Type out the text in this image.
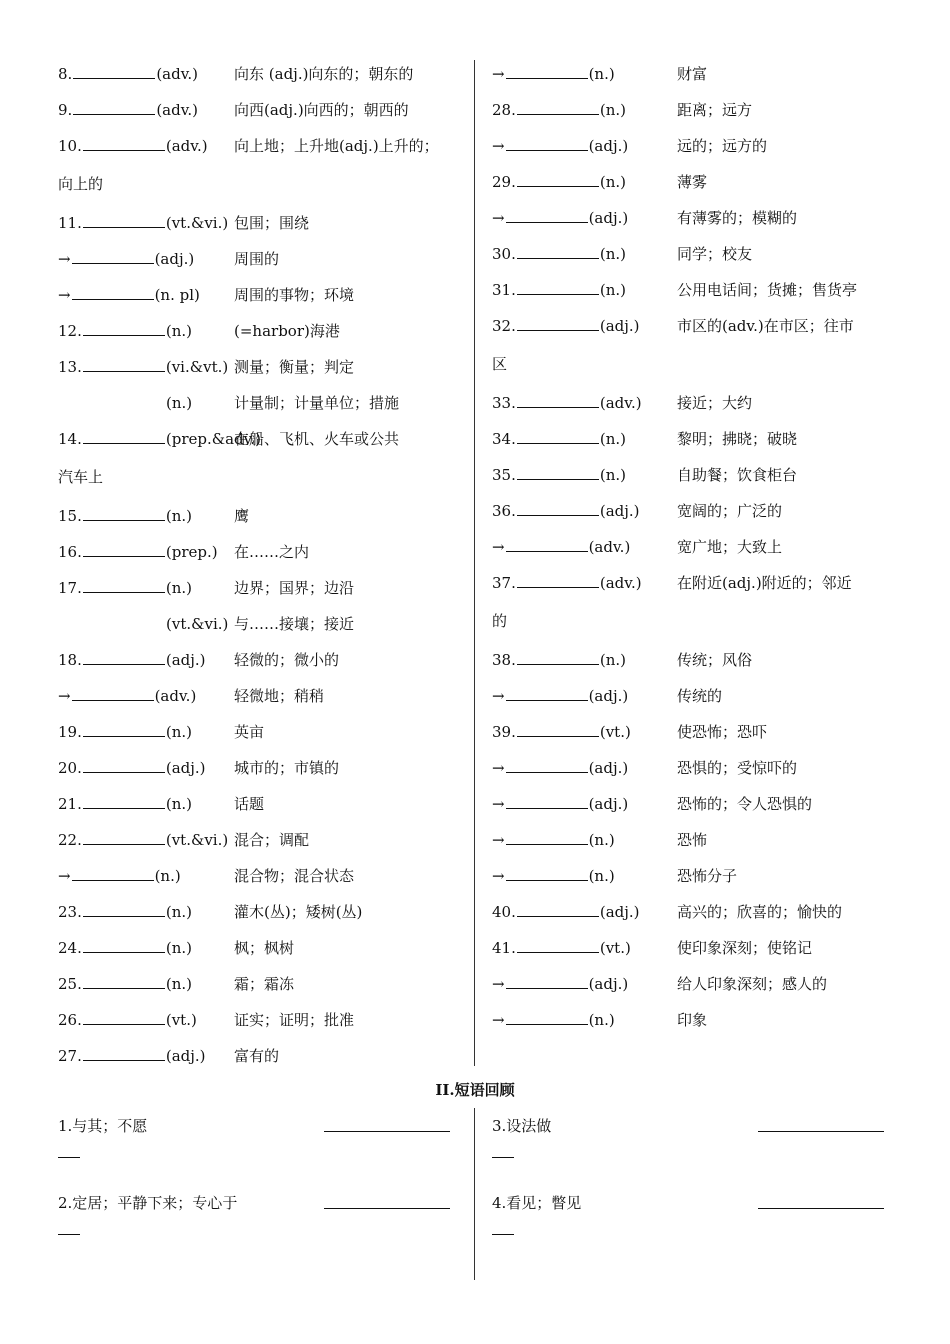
8.	(adv.) 向东 (adj.)向东的；朝东的
9.	(adv.) 向西(adj.)向西的；朝西的
10.	(adv.) 向上地；上升地(adj.)上升的；
向上的
11.	(vt.&vi.) 包围；围绕
→	(adj.)	周围的
→	(n. pl) 周围的事物；环境
12.	(n.)	(=harbor)海港
13.	(vi.&vt.) 测量；衡量；判定
(n.)	计量制；计量单位；措施
14.	(prep.&adv.)
在船、飞机、火车或公共
汽车上
15.	(n.)	鹰
16.	(prep.) 在……之内
17.	(n.)	边界；国界；边沿
(vt.&vi.) 与……接壤；接近
18.	(adj.) 轻微的；微小的
→	(adv.)	轻微地；稍稍
19.	(n.)	英亩
20.	(adj.) 城市的；市镇的
21.	(n.)	话题
22.	(vt.&vi.) 混合；调配
→	(n.)	混合物；混合状态
23.	(n.)	灌木(丛)；矮树(丛)
24.	(n.)	枫；枫树
25.	(n.)	霜；霜冻
26.	(vt.) 证实；证明；批准
27.	(adj.) 富有的
→	(n.)	财富
28.	(n.)	距离；远方
→	(adj.)	远的；远方的
29.	(n.)	薄雾
→	(adj.)	有薄雾的；模糊的
30.	(n.)	同学；校友
31.	(n.)	公用电话间；货摊；售货亭
32.	(adj.) 市区的(adv.)在市区；往市
区
33.	(adv.) 接近；大约
34.	(n.)	黎明；拂晓；破晓
35.	(n.)	自助餐；饮食柜台
36.	(adj.) 宽阔的；广泛的
→	(adv.)	宽广地；大致上
37.	(adv.) 在附近(adj.)附近的；邻近
的
38.	(n.)	传统；风俗
→	(adj.)	传统的
39.	(vt.)	使恐怖；恐吓
→	(adj.)	恐惧的；受惊吓的
→	(adj.)	恐怖的；令人恐惧的
→	(n.)	恐怖
→	(n.)	恐怖分子
40.	(adj.) 高兴的；欣喜的；愉快的
41.	(vt.)	使印象深刻；使铭记
→	(adj.)	给人印象深刻；感人的
→	(n.)	印象
II.短语回顾
1.与其；不愿
2.定居；平静下来；专心于
3.设法做
4.看见；瞥见
